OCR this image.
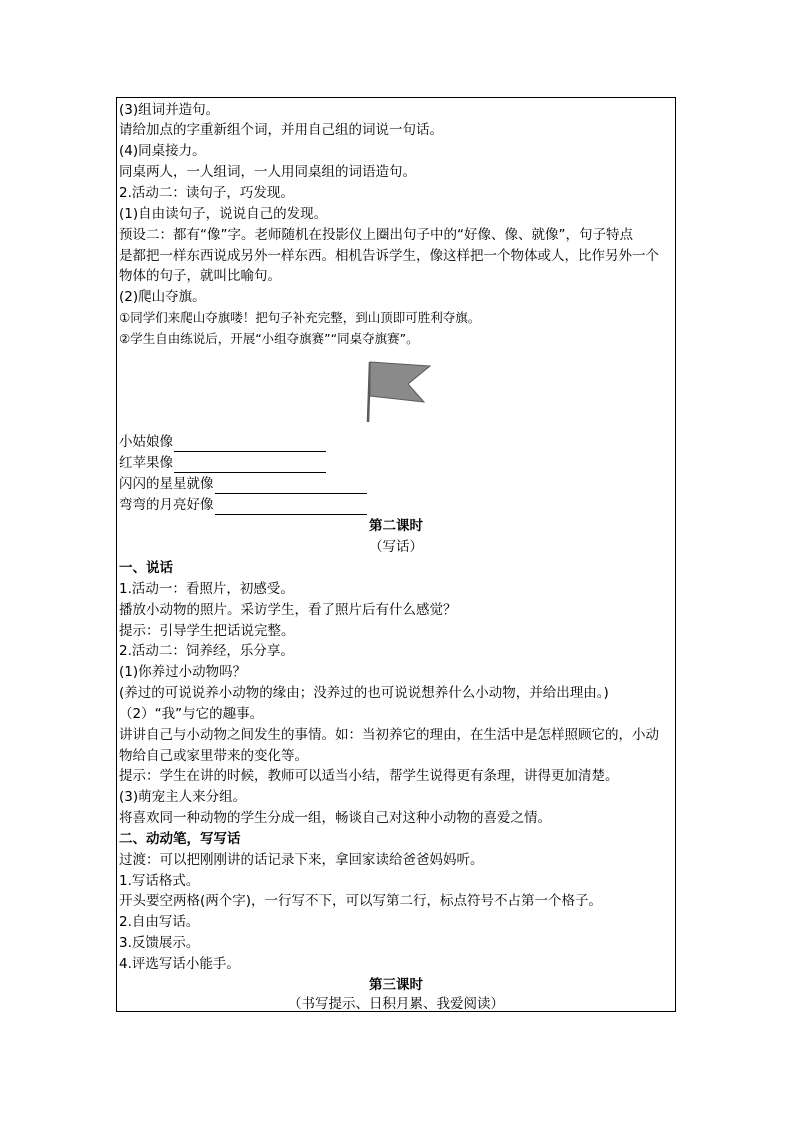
(3)组词并造句。
请给加点的字重新组个词，并用自己组的词说一句话。
(4)同桌接力。
同桌两人，一人组词，一人用同桌组的词语造句。
2.活动二：读句子，巧发现。
(1)自由读句子，说说自己的发现。
预设二：都有“像”字。老师随机在投影仪上圈出句子中的“好像、像、就像”，句子特点
是都把一样东西说成另外一样东西。相机告诉学生，像这样把一个物体或人，比作另外一个
物体的句子，就叫比喻句。
(2)爬山夺旗。
①同学们来爬山夺旗喽！把句子补充完整，到山顶即可胜利夺旗。
②学生自由练说后，开展“小组夺旗赛”“同桌夺旗赛”。
小姑娘像
红苹果像
闪闪的星星就像
弯弯的月亮好像
第二课时
（写话）
一、说话
1.活动一：看照片，初感受。
播放小动物的照片。采访学生，看了照片后有什么感觉？
提示：引导学生把话说完整。
2.活动二：饲养经，乐分享。
(1)你养过小动物吗？
(养过的可说说养小动物的缘由；没养过的也可说说想养什么小动物，并给出理由。)
（2）“我”与它的趣事。
讲讲自己与小动物之间发生的事情。如：当初养它的理由，在生活中是怎样照顾它的，小动
物给自己或家里带来的变化等。
提示：学生在讲的时候，教师可以适当小结，帮学生说得更有条理，讲得更加清楚。
(3)萌宠主人来分组。
将喜欢同一种动物的学生分成一组，畅谈自己对这种小动物的喜爱之情。
二、动动笔，写写话
过渡：可以把刚刚讲的话记录下来，拿回家读给爸爸妈妈听。
1.写话格式。
开头要空两格(两个字)，一行写不下，可以写第二行，标点符号不占第一个格子。
2.自由写话。
3.反馈展示。
4.评选写话小能手。
第三课时
（书写提示、日积月累、我爱阅读）
